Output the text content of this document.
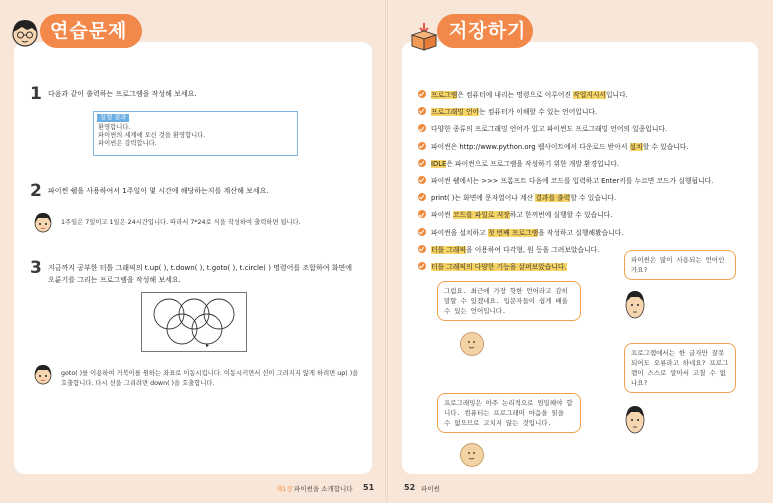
연습문제
1 다음과 같이 출력하는 프로그램을 작성해 보세요.
실행 결과
환영합니다.
파이썬의 세계에 오신 것을 환영합니다.
파이썬은 강력합니다.
2 파이썬 쉘을 사용하여서 1주일이 몇 시간에 해당하는지를 계산해 보세요.
1주일은 7일이고 1일은 24시간입니다. 따라서 7*24로 식을 작성하여 출력하면 됩니다.
3 지금까지 공부한 터틀 그래픽의 t.up( ), t.down( ), t.goto( ), t.circle( ) 명령어를 조합하여 화면에
오륜기를 그리는 프로그램을 작성해 보세요.
goto( )를 이용하여 거북이를 원하는 좌표로 이동시킵니다. 이동시키면서 선이 그려지지 않게 하려면 up( )을
호출합니다. 다시 선을 그리려면 down( )을 호출합니다.
제1장 파이썬을 소개합니다 51
저장하기
프로그램은 컴퓨터에 내리는 명령으로 이루어진 작업지시서입니다.
프로그래밍 언어는 컴퓨터가 이해할 수 있는 언어입니다.
다양한 종류의 프로그래밍 언어가 있고 파이썬도 프로그래밍 언어의 일종입니다.
파이썬은 http://www.python.org 웹사이트에서 다운로드 받아서 설치할 수 있습니다.
IDLE은 파이썬으로 프로그램을 작성하기 위한 개발 환경입니다.
파이썬 쉘에서는 >>> 프롬프트 다음에 코드를 입력하고 Enter키를 누르면 코드가 실행됩니다.
print( )는 화면에 문자열이나 계산 결과를 출력할 수 있습니다.
파이썬 코드를 파일로 저장하고 한꺼번에 실행할 수 있습니다.
파이썬을 설치하고 첫 번째 프로그램을 작성하고 실행해봤습니다.
터틀 그래픽을 이용하여 다각형, 원 등을 그려보았습니다.
터틀 그래픽의 다양한 기능을 살펴보았습니다.
파이썬은 많이 사용되는 언어인가요?
그럼요. 최근에 가장 핫한 언어라고 감히 말할 수 있겠네요. 입문자들이 쉽게 배울 수 있는 언어입니다.
프로그램에서는 한 글자만 잘못되어도 오류라고 하네요? 프로그램이 스스로 알아서 고칠 수 없나요?
프로그래밍은 아주 논리적으로 엄밀해야 합니다. 컴퓨터는 프로그래머 마음을 읽을 수 없으므로 고치지 않는 것입니다.
52 파이썬
